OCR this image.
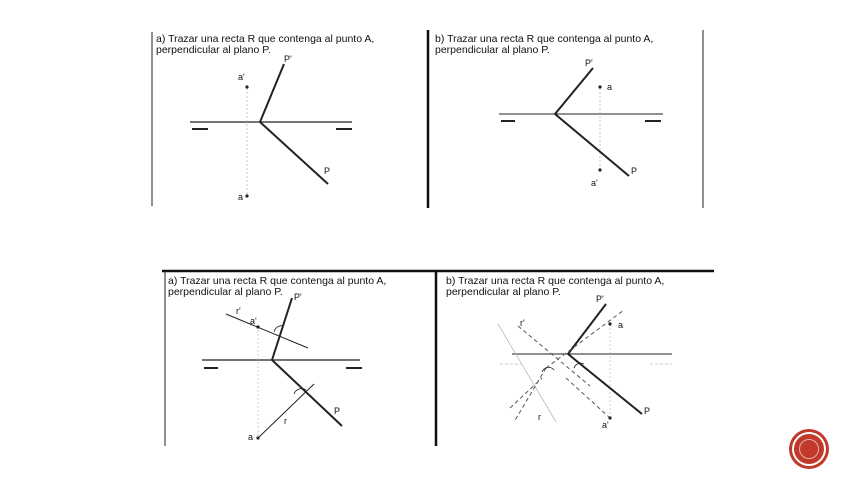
a) Trazar una recta R que contenga al punto A,
perpendicular al plano P.
P'
P
a'
a
b) Trazar una recta R que contenga al punto A,
perpendicular al plano P.
P'
P
a
a'
a) Trazar una recta R que contenga al punto A,
perpendicular al plano P.	P'
P
a'
a
r'
r
b) Trazar una recta R que contenga al punto A,
perpendicular al plano P.
P'
P
a
a'
r'
r
